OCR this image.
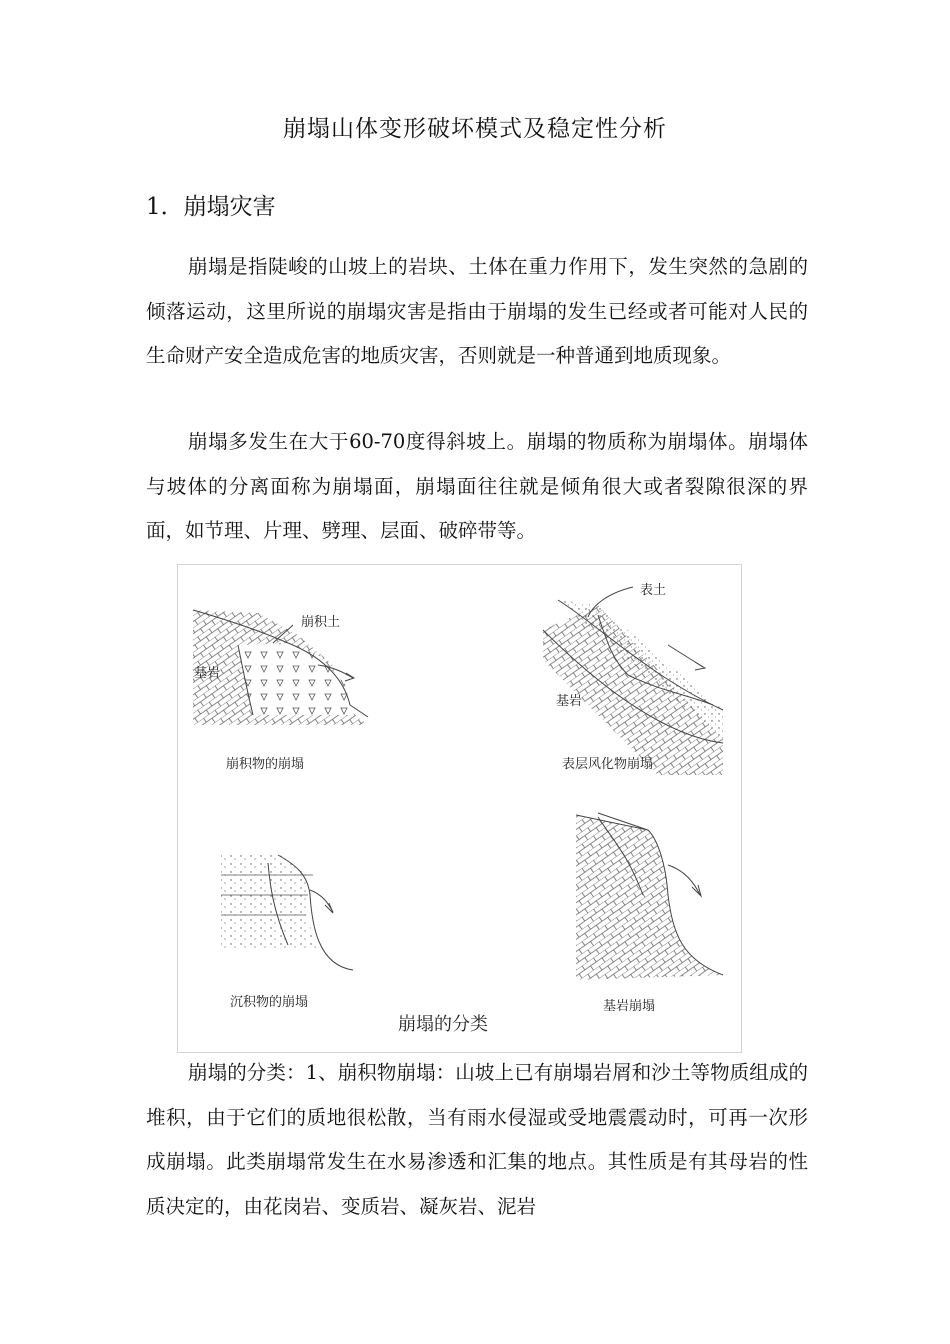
崩塌山体变形破坏模式及稳定性分析
1．崩塌灾害

崩塌是指陡峻的山坡上的岩块、土体在重力作用下，发生突然的急剧的倾落运动，这里所说的崩塌灾害是指由于崩塌的发生已经或者可能对人民的生命财产安全造成危害的地质灾害，否则就是一种普通到地质现象。

崩塌多发生在大于60-70度得斜坡上。崩塌的物质称为崩塌体。崩塌体与坡体的分离面称为崩塌面，崩塌面往往就是倾角很大或者裂隙很深的界面，如节理、片理、劈理、层面、破碎带等。

崩积土
基岩
崩积物的崩塌
表土
基岩
表层风化物崩塌
沉积物的崩塌	基岩崩塌
崩塌的分类

崩塌的分类：1、崩积物崩塌：山坡上已有崩塌岩屑和沙土等物质组成的堆积，由于它们的质地很松散，当有雨水侵湿或受地震震动时，可再一次形成崩塌。此类崩塌常发生在水易渗透和汇集的地点。其性质是有其母岩的性质决定的，由花岗岩、变质岩、凝灰岩、泥岩
